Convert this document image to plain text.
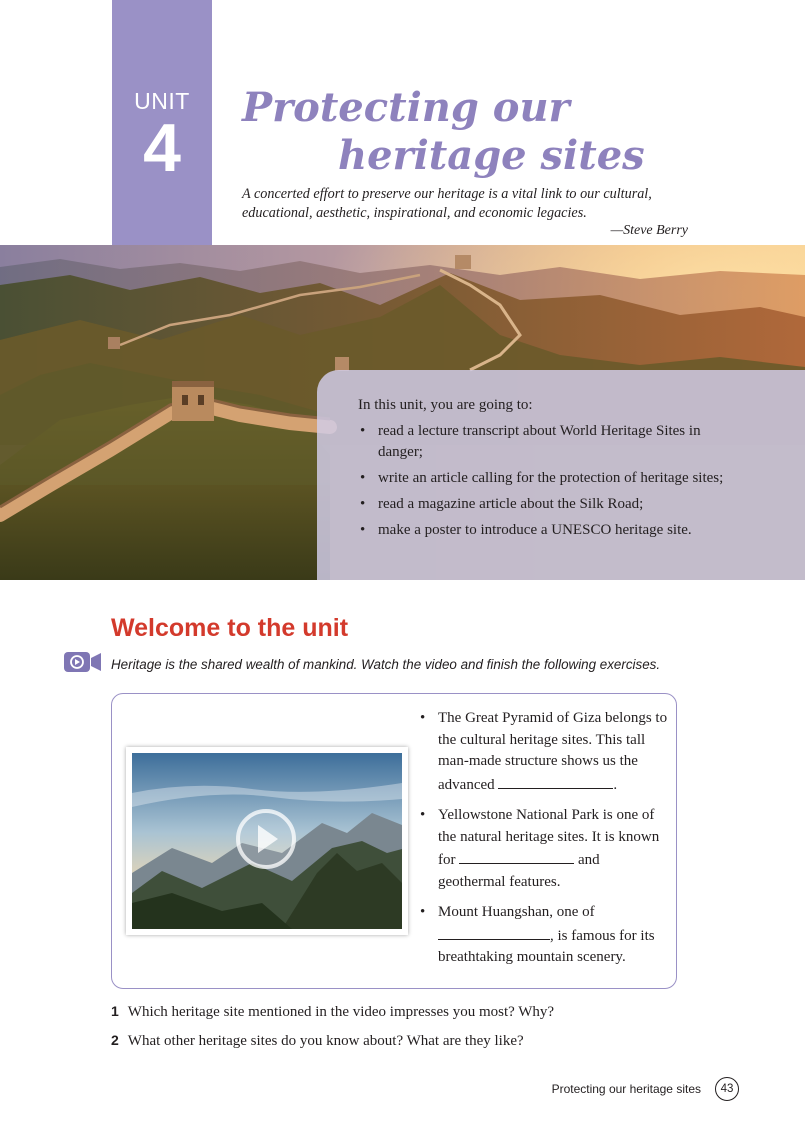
UNIT
4
Protecting our
heritage sites
A concerted effort to preserve our heritage is a vital link to our cultural, educational, aesthetic, inspirational, and economic legacies.
—Steve Berry

In this unit, you are going to:

• read a lecture transcript about World Heritage Sites in danger;
• write an article calling for the protection of heritage sites;
• read a magazine article about the Silk Road;
• make a poster to introduce a UNESCO heritage site.
Welcome to the unit

Heritage is the shared wealth of mankind. Watch the video and finish the following exercises.

• The Great Pyramid of Giza belongs to the cultural heritage sites. This tall man-made structure shows us the advanced	.
• Yellowstone National Park is one of the natural heritage sites. It is known for	and geothermal features.
• Mount Huangshan, one of , is famous for its breathtaking mountain scenery.

1 Which heritage site mentioned in the video impresses you most? Why?

2 What other heritage sites do you know about? What are they like?

Protecting our heritage sites	43
